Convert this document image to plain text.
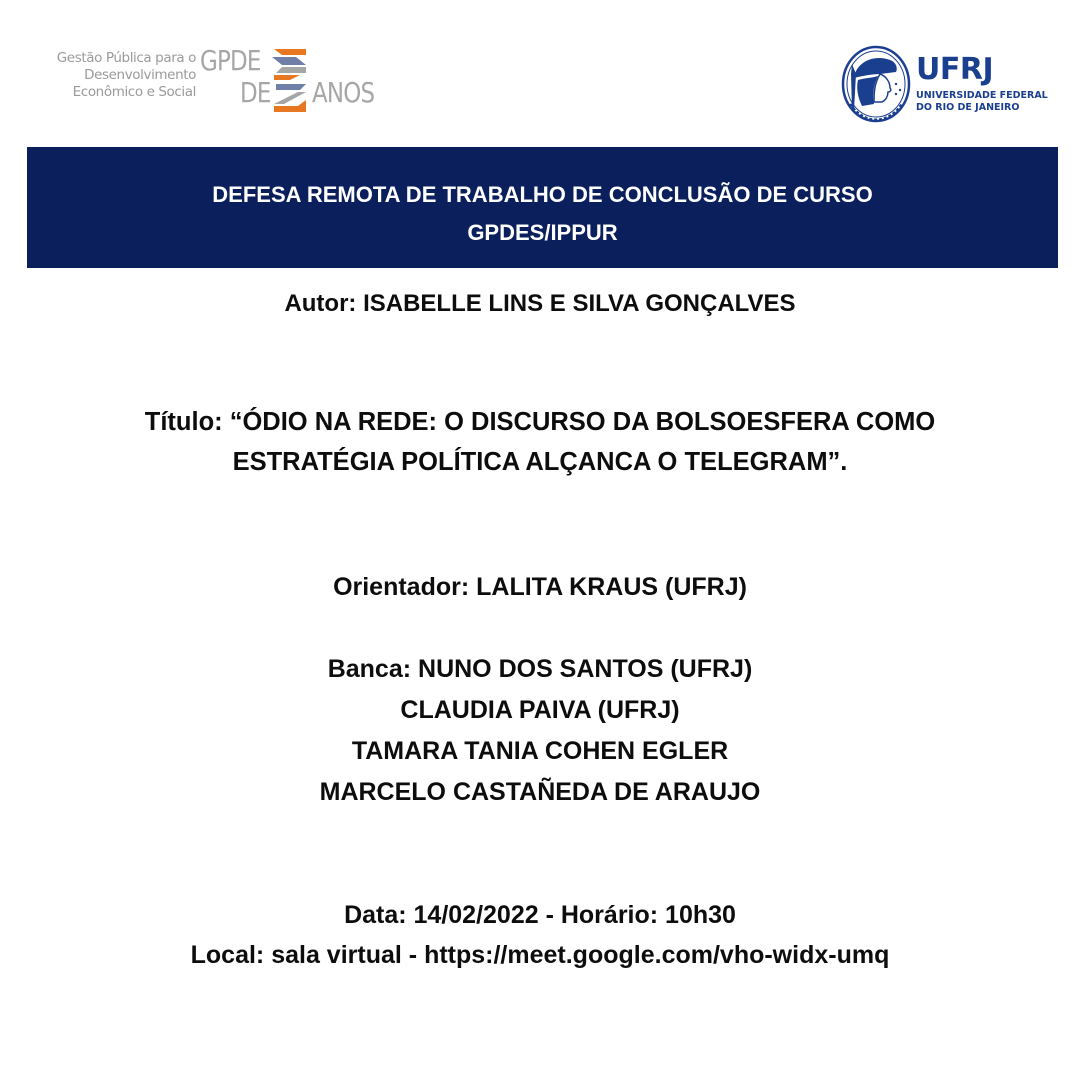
Gestão Pública para o
Desenvolvimento
Econômico e Social
GPDE
DE ANOS
UFRJ
UNIVERSIDADE FEDERAL
DO RIO DE JANEIRO
DEFESA REMOTA DE TRABALHO DE CONCLUSÃO DE CURSO
GPDES/IPPUR
Autor: ISABELLE LINS E SILVA GONÇALVES
Título: “ÓDIO NA REDE: O DISCURSO DA BOLSOESFERA COMO
ESTRATÉGIA POLÍTICA ALÇANCA O TELEGRAM”.
Orientador: LALITA KRAUS (UFRJ)
Banca: NUNO DOS SANTOS (UFRJ)
CLAUDIA PAIVA (UFRJ)
TAMARA TANIA COHEN EGLER
MARCELO CASTAÑEDA DE ARAUJO
Data: 14/02/2022 - Horário: 10h30
Local: sala virtual - https://meet.google.com/vho-widx-umq
